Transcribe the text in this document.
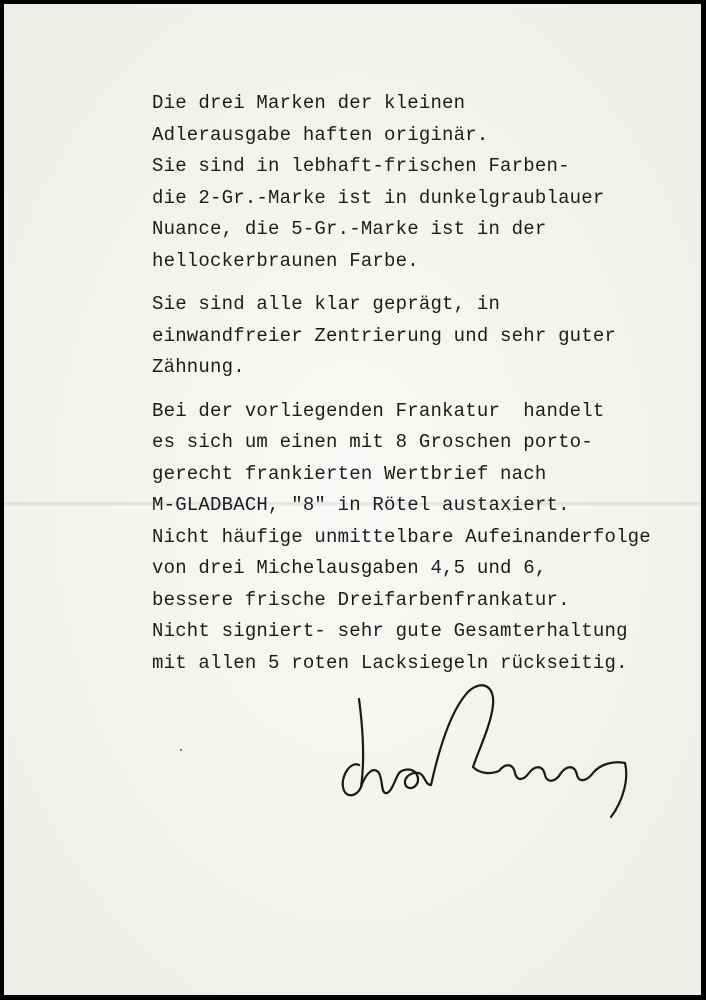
Die drei Marken der kleinen
Adlerausgabe haften originär.
Sie sind in lebhaft-frischen Farben-
die 2-Gr.-Marke ist in dunkelgraublauer
Nuance, die 5-Gr.-Marke ist in der
hellockerbraunen Farbe.
Sie sind alle klar geprägt, in
einwandfreier Zentrierung und sehr guter
Zähnung.
Bei der vorliegenden Frankatur  handelt
es sich um einen mit 8 Groschen porto-
gerecht frankierten Wertbrief nach
M-GLADBACH, "8" in Rötel austaxiert.
Nicht häufige unmittelbare Aufeinanderfolge
von drei Michelausgaben 4,5 und 6,
bessere frische Dreifarbenfrankatur.
Nicht signiert- sehr gute Gesamterhaltung
mit allen 5 roten Lacksiegeln rückseitig.
